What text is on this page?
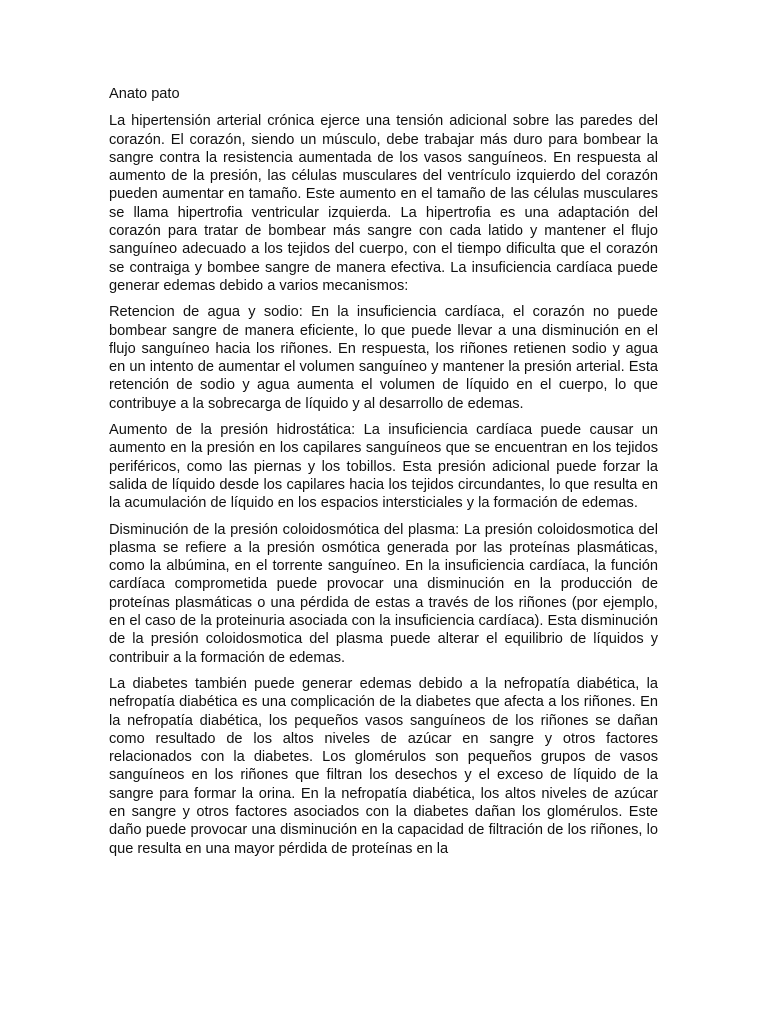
Anato pato

La hipertensión arterial crónica ejerce una tensión adicional sobre las paredes del corazón. El corazón, siendo un músculo, debe trabajar más duro para bombear la sangre contra la resistencia aumentada de los vasos sanguíneos. En respuesta al aumento de la presión, las células musculares del ventrículo izquierdo del corazón pueden aumentar en tamaño. Este aumento en el tamaño de las células musculares se llama hipertrofia ventricular izquierda. La hipertrofia es una adaptación del corazón para tratar de bombear más sangre con cada latido y mantener el flujo sanguíneo adecuado a los tejidos del cuerpo, con el tiempo dificulta que el corazón se contraiga y bombee sangre de manera efectiva. La insuficiencia cardíaca puede generar edemas debido a varios mecanismos:

Retencion de agua y sodio: En la insuficiencia cardíaca, el corazón no puede bombear sangre de manera eficiente, lo que puede llevar a una disminución en el flujo sanguíneo hacia los riñones. En respuesta, los riñones retienen sodio y agua en un intento de aumentar el volumen sanguíneo y mantener la presión arterial. Esta retención de sodio y agua aumenta el volumen de líquido en el cuerpo, lo que contribuye a la sobrecarga de líquido y al desarrollo de edemas.

Aumento de la presión hidrostática: La insuficiencia cardíaca puede causar un aumento en la presión en los capilares sanguíneos que se encuentran en los tejidos periféricos, como las piernas y los tobillos. Esta presión adicional puede forzar la salida de líquido desde los capilares hacia los tejidos circundantes, lo que resulta en la acumulación de líquido en los espacios intersticiales y la formación de edemas.

Disminución de la presión coloidosmótica del plasma: La presión coloidosmotica del plasma se refiere a la presión osmótica generada por las proteínas plasmáticas, como la albúmina, en el torrente sanguíneo. En la insuficiencia cardíaca, la función cardíaca comprometida puede provocar una disminución en la producción de proteínas plasmáticas o una pérdida de estas a través de los riñones (por ejemplo, en el caso de la proteinuria asociada con la insuficiencia cardíaca). Esta disminución de la presión coloidosmotica del plasma puede alterar el equilibrio de líquidos y contribuir a la formación de edemas.

La diabetes también puede generar edemas debido a la nefropatía diabética, la nefropatía diabética es una complicación de la diabetes que afecta a los riñones. En la nefropatía diabética, los pequeños vasos sanguíneos de los riñones se dañan como resultado de los altos niveles de azúcar en sangre y otros factores relacionados con la diabetes. Los glomérulos son pequeños grupos de vasos sanguíneos en los riñones que filtran los desechos y el exceso de líquido de la sangre para formar la orina. En la nefropatía diabética, los altos niveles de azúcar en sangre y otros factores asociados con la diabetes dañan los glomérulos. Este daño puede provocar una disminución en la capacidad de filtración de los riñones, lo que resulta en una mayor pérdida de proteínas en la
